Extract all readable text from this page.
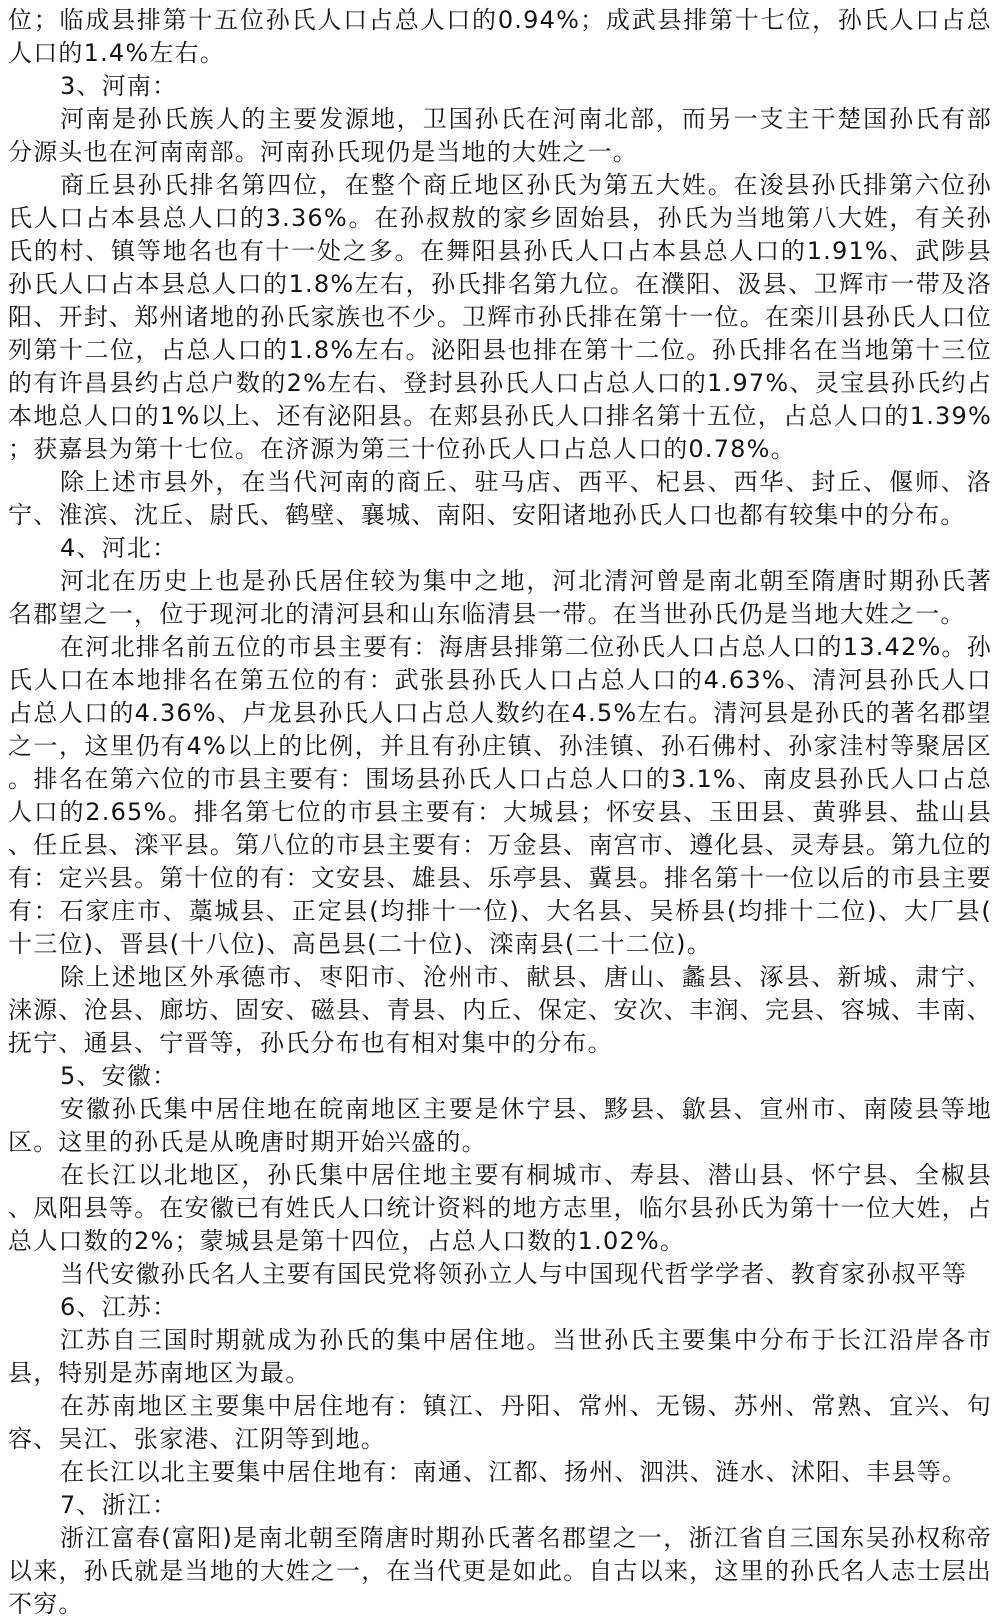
位；临成县排第十五位孙氏人口占总人口的0.94%；成武县排第十七位，孙氏人口占总人口的1.4%左右。

3、河南：

河南是孙氏族人的主要发源地，卫国孙氏在河南北部，而另一支主干楚国孙氏有部分源头也在河南南部。河南孙氏现仍是当地的大姓之一。

商丘县孙氏排名第四位，在整个商丘地区孙氏为第五大姓。在浚县孙氏排第六位孙氏人口占本县总人口的3.36%。在孙叔敖的家乡固始县，孙氏为当地第八大姓，有关孙氏的村、镇等地名也有十一处之多。在舞阳县孙氏人口占本县总人口的1.91%、武陟县孙氏人口占本县总人口的1.8%左右，孙氏排名第九位。在濮阳、汲县、卫辉市一带及洛阳、开封、郑州诸地的孙氏家族也不少。卫辉市孙氏排在第十一位。在栾川县孙氏人口位列第十二位，占总人口的1.8%左右。泌阳县也排在第十二位。孙氏排名在当地第十三位的有许昌县约占总户数的2%左右、登封县孙氏人口占总人口的1.97%、灵宝县孙氏约占本地总人口的1%以上、还有泌阳县。在郏县孙氏人口排名第十五位，占总人口的1.39%；获嘉县为第十七位。在济源为第三十位孙氏人口占总人口的0.78%。

除上述市县外，在当代河南的商丘、驻马店、西平、杞县、西华、封丘、偃师、洛宁、淮滨、沈丘、尉氏、鹤壁、襄城、南阳、安阳诸地孙氏人口也都有较集中的分布。

4、河北：

河北在历史上也是孙氏居住较为集中之地，河北清河曾是南北朝至隋唐时期孙氏著名郡望之一，位于现河北的清河县和山东临清县一带。在当世孙氏仍是当地大姓之一。

在河北排名前五位的市县主要有：海唐县排第二位孙氏人口占总人口的13.42%。孙氏人口在本地排名在第五位的有：武张县孙氏人口占总人口的4.63%、清河县孙氏人口占总人口的4.36%、卢龙县孙氏人口占总人数约在4.5%左右。清河县是孙氏的著名郡望之一，这里仍有4%以上的比例，并且有孙庄镇、孙洼镇、孙石佛村、孙家洼村等聚居区。排名在第六位的市县主要有：围场县孙氏人口占总人口的3.1%、南皮县孙氏人口占总人口的2.65%。排名第七位的市县主要有：大城县；怀安县、玉田县、黄骅县、盐山县、任丘县、滦平县。第八位的市县主要有：万金县、南宫市、遵化县、灵寿县。第九位的有：定兴县。第十位的有：文安县、雄县、乐亭县、冀县。排名第十一位以后的市县主要有：石家庄市、藁城县、正定县(均排十一位)、大名县、吴桥县(均排十二位)、大厂县(十三位)、晋县(十八位)、高邑县(二十位)、滦南县(二十二位)。

除上述地区外承德市、枣阳市、沧州市、献县、唐山、蠡县、涿县、新城、肃宁、涞源、沧县、廊坊、固安、磁县、青县、内丘、保定、安次、丰润、完县、容城、丰南、抚宁、通县、宁晋等，孙氏分布也有相对集中的分布。

5、安徽：

安徽孙氏集中居住地在皖南地区主要是休宁县、黟县、歙县、宣州市、南陵县等地区。这里的孙氏是从晚唐时期开始兴盛的。

在长江以北地区，孙氏集中居住地主要有桐城市、寿县、潜山县、怀宁县、全椒县、凤阳县等。在安徽已有姓氏人口统计资料的地方志里，临尔县孙氏为第十一位大姓，占总人口数的2%；蒙城县是第十四位，占总人口数的1.02%。

当代安徽孙氏名人主要有国民党将领孙立人与中国现代哲学学者、教育家孙叔平等

6、江苏：

江苏自三国时期就成为孙氏的集中居住地。当世孙氏主要集中分布于长江沿岸各市县，特别是苏南地区为最。

在苏南地区主要集中居住地有：镇江、丹阳、常州、无锡、苏州、常熟、宜兴、句容、吴江、张家港、江阴等到地。

在长江以北主要集中居住地有：南通、江都、扬州、泗洪、涟水、沭阳、丰县等。

7、浙江：

浙江富春(富阳)是南北朝至隋唐时期孙氏著名郡望之一，浙江省自三国东吴孙权称帝以来，孙氏就是当地的大姓之一，在当代更是如此。自古以来，这里的孙氏名人志士层出不穷。
